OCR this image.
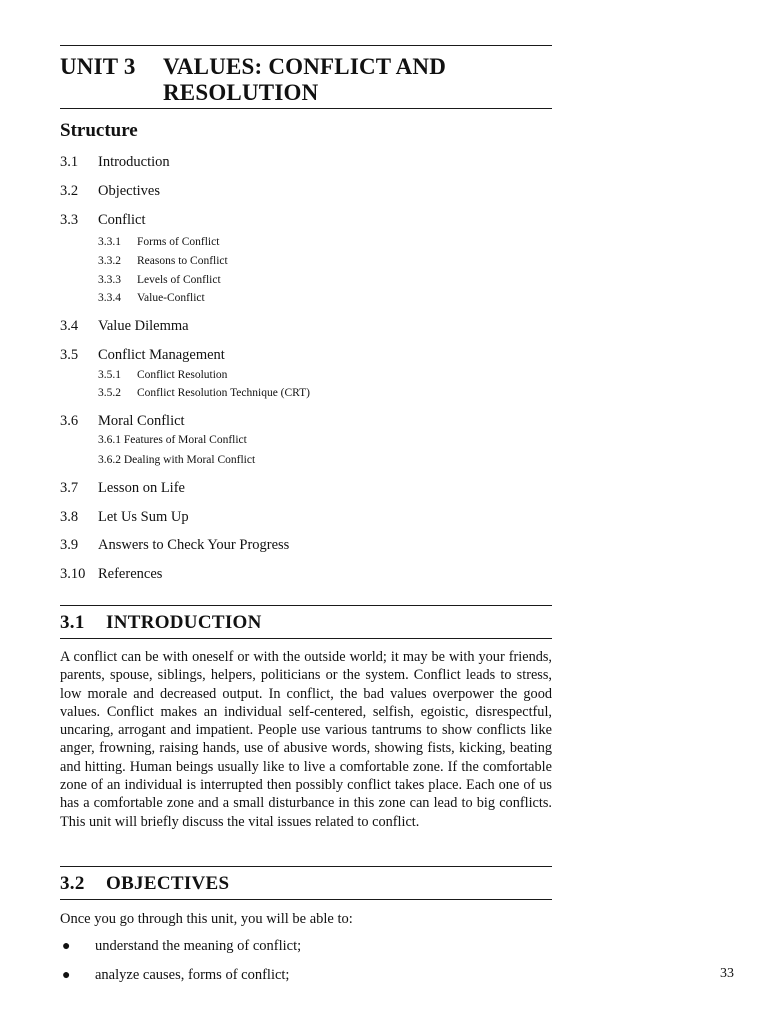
UNIT 3 VALUES: CONFLICT AND
RESOLUTION
Structure
3.1 Introduction
3.2 Objectives
3.3 Conflict
3.3.1 Forms of Conflict
3.3.2 Reasons to Conflict
3.3.3 Levels of Conflict
3.3.4 Value-Conflict
3.4 Value Dilemma
3.5 Conflict Management
3.5.1 Conflict Resolution
3.5.2 Conflict Resolution Technique (CRT)
3.6 Moral Conflict
3.6.1 Features of Moral Conflict
3.6.2 Dealing with Moral Conflict
3.7 Lesson on Life
3.8 Let Us Sum Up
3.9 Answers to Check Your Progress
3.10 References
3.1 INTRODUCTION

A conflict can be with oneself or with the outside world; it may be with your friends, parents, spouse, siblings, helpers, politicians or the system. Conflict leads to stress, low morale and decreased output. In conflict, the bad values overpower the good values. Conflict makes an individual self-centered, selfish, egoistic, disrespectful, uncaring, arrogant and impatient. People use various tantrums to show conflicts like anger, frowning, raising hands, use of abusive words, showing fists, kicking, beating and hitting. Human beings usually like to live a comfortable zone. If the comfortable zone of an individual is interrupted then possibly conflict takes place. Each one of us has a comfortable zone and a small disturbance in this zone can lead to big conflicts. This unit will briefly discuss the vital issues related to conflict.

3.2 OBJECTIVES
Once you go through this unit, you will be able to:
● understand the meaning of conflict;
● analyze causes, forms of conflict;	33
